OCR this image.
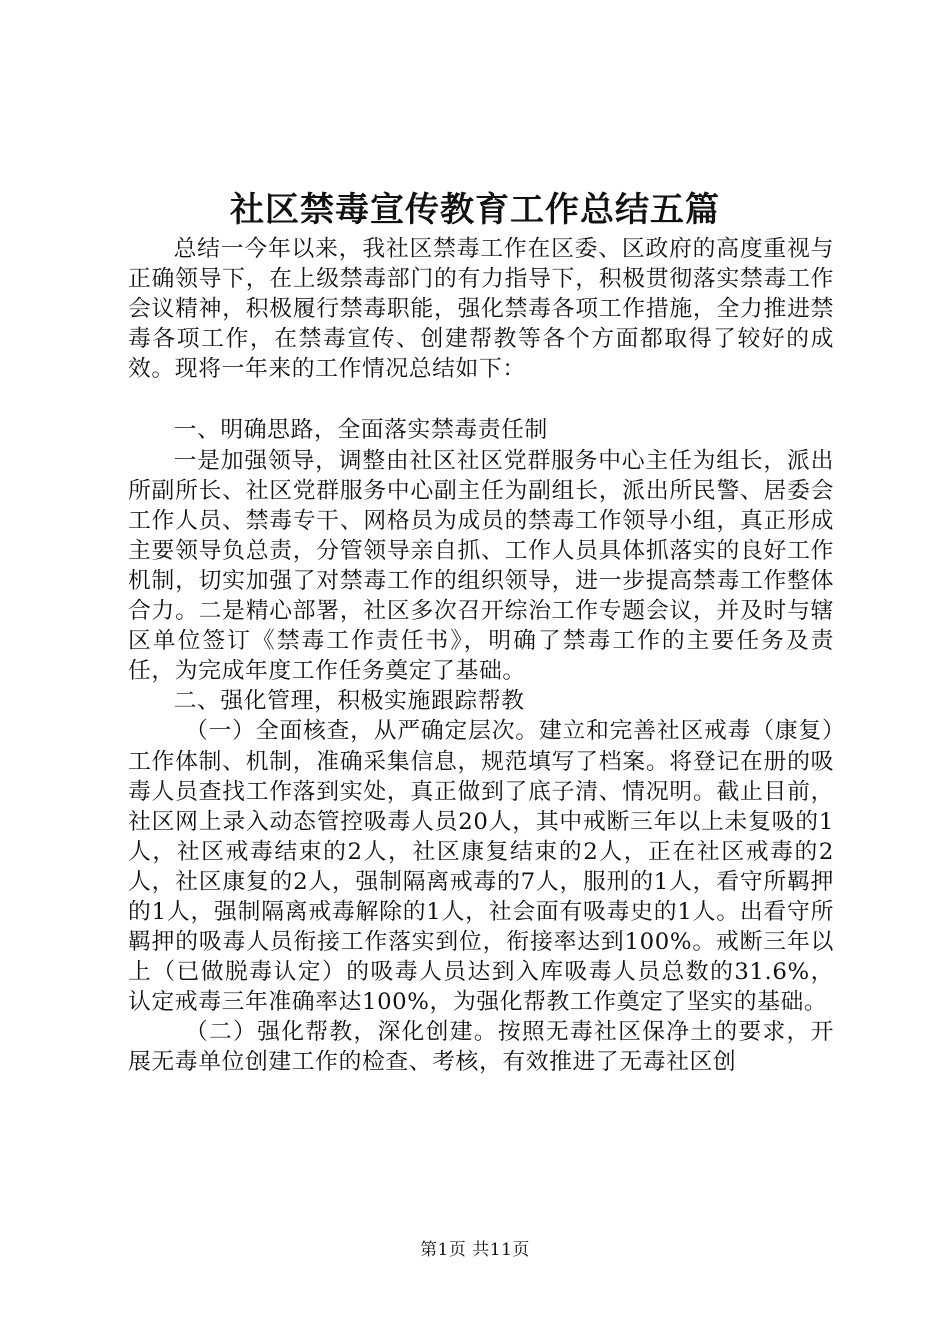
社区禁毒宣传教育工作总结五篇

总结一今年以来，我社区禁毒工作在区委、区政府的高度重视与正确领导下，在上级禁毒部门的有力指导下，积极贯彻落实禁毒工作会议精神，积极履行禁毒职能，强化禁毒各项工作措施，全力推进禁毒各项工作，在禁毒宣传、创建帮教等各个方面都取得了较好的成效。现将一年来的工作情况总结如下：

一、明确思路，全面落实禁毒责任制

一是加强领导，调整由社区社区党群服务中心主任为组长，派出所副所长、社区党群服务中心副主任为副组长，派出所民警、居委会工作人员、禁毒专干、网格员为成员的禁毒工作领导小组，真正形成主要领导负总责，分管领导亲自抓、工作人员具体抓落实的良好工作机制，切实加强了对禁毒工作的组织领导，进一步提高禁毒工作整体合力。二是精心部署，社区多次召开综治工作专题会议，并及时与辖区单位签订《禁毒工作责任书》，明确了禁毒工作的主要任务及责任，为完成年度工作任务奠定了基础。

二、强化管理，积极实施跟踪帮教

（一）全面核查，从严确定层次。建立和完善社区戒毒（康复）工作体制、机制，准确采集信息，规范填写了档案。将登记在册的吸毒人员查找工作落到实处，真正做到了底子清、情况明。截止目前，社区网上录入动态管控吸毒人员20人，其中戒断三年以上未复吸的1人，社区戒毒结束的2人，社区康复结束的2人，正在社区戒毒的2人，社区康复的2人，强制隔离戒毒的7人，服刑的1人，看守所羁押的1人，强制隔离戒毒解除的1人，社会面有吸毒史的1人。出看守所羁押的吸毒人员衔接工作落实到位，衔接率达到100%。戒断三年以上（已做脱毒认定）的吸毒人员达到入库吸毒人员总数的31.6%，认定戒毒三年准确率达100%，为强化帮教工作奠定了坚实的基础。

（二）强化帮教，深化创建。按照无毒社区保净土的要求，开展无毒单位创建工作的检查、考核，有效推进了无毒社区创

第1页 共11页
